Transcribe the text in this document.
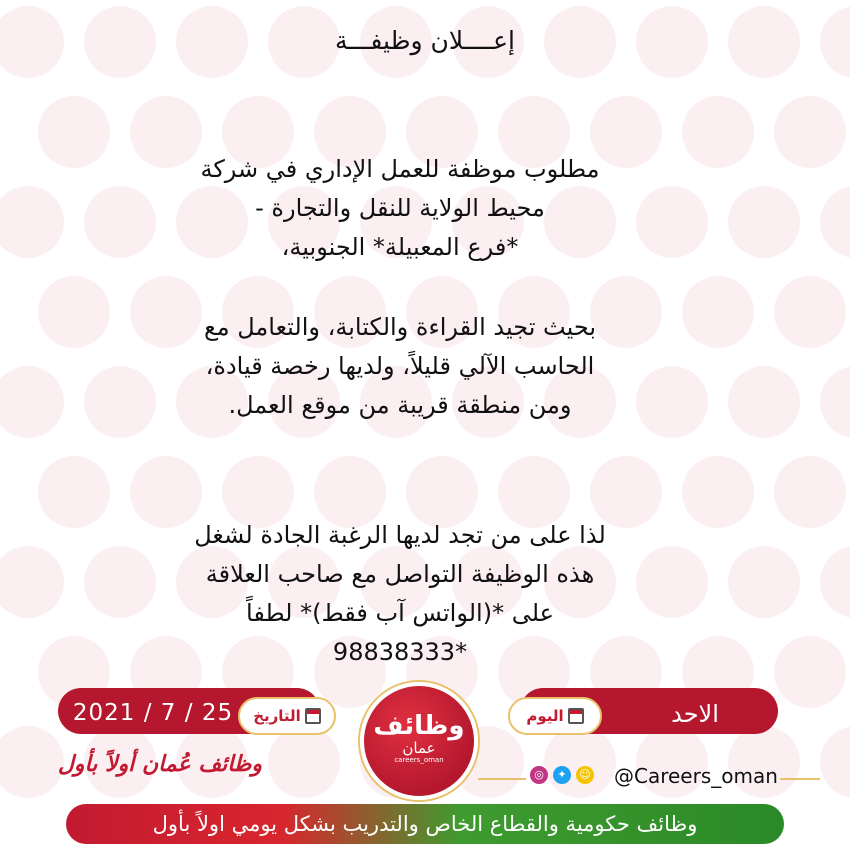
إعــــلان وظيفـــة
مطلوب موظفة للعمل الإداري في شركة
محيط الولاية للنقل والتجارة -
*فرع المعبيلة* الجنوبية،
بحيث تجيد القراءة والكتابة، والتعامل مع
الحاسب الآلي قليلاً، ولديها رخصة قيادة،
ومن منطقة قريبة من موقع العمل.
لذا على من تجد لديها الرغبة الجادة لشغل
هذه الوظيفة التواصل مع صاحب العلاقة
على *(الواتس آب فقط)* لطفاً
*98838333
2021 / 7 / 25	الاحد
التاريخ	اليوم
وظائف
عمان
careers_oman
وظائف عُمان أولاً بأول	◎	✦	☺ @Careers_oman
وظائف حكومية والقطاع الخاص والتدريب بشكل يومي اولاً بأول
